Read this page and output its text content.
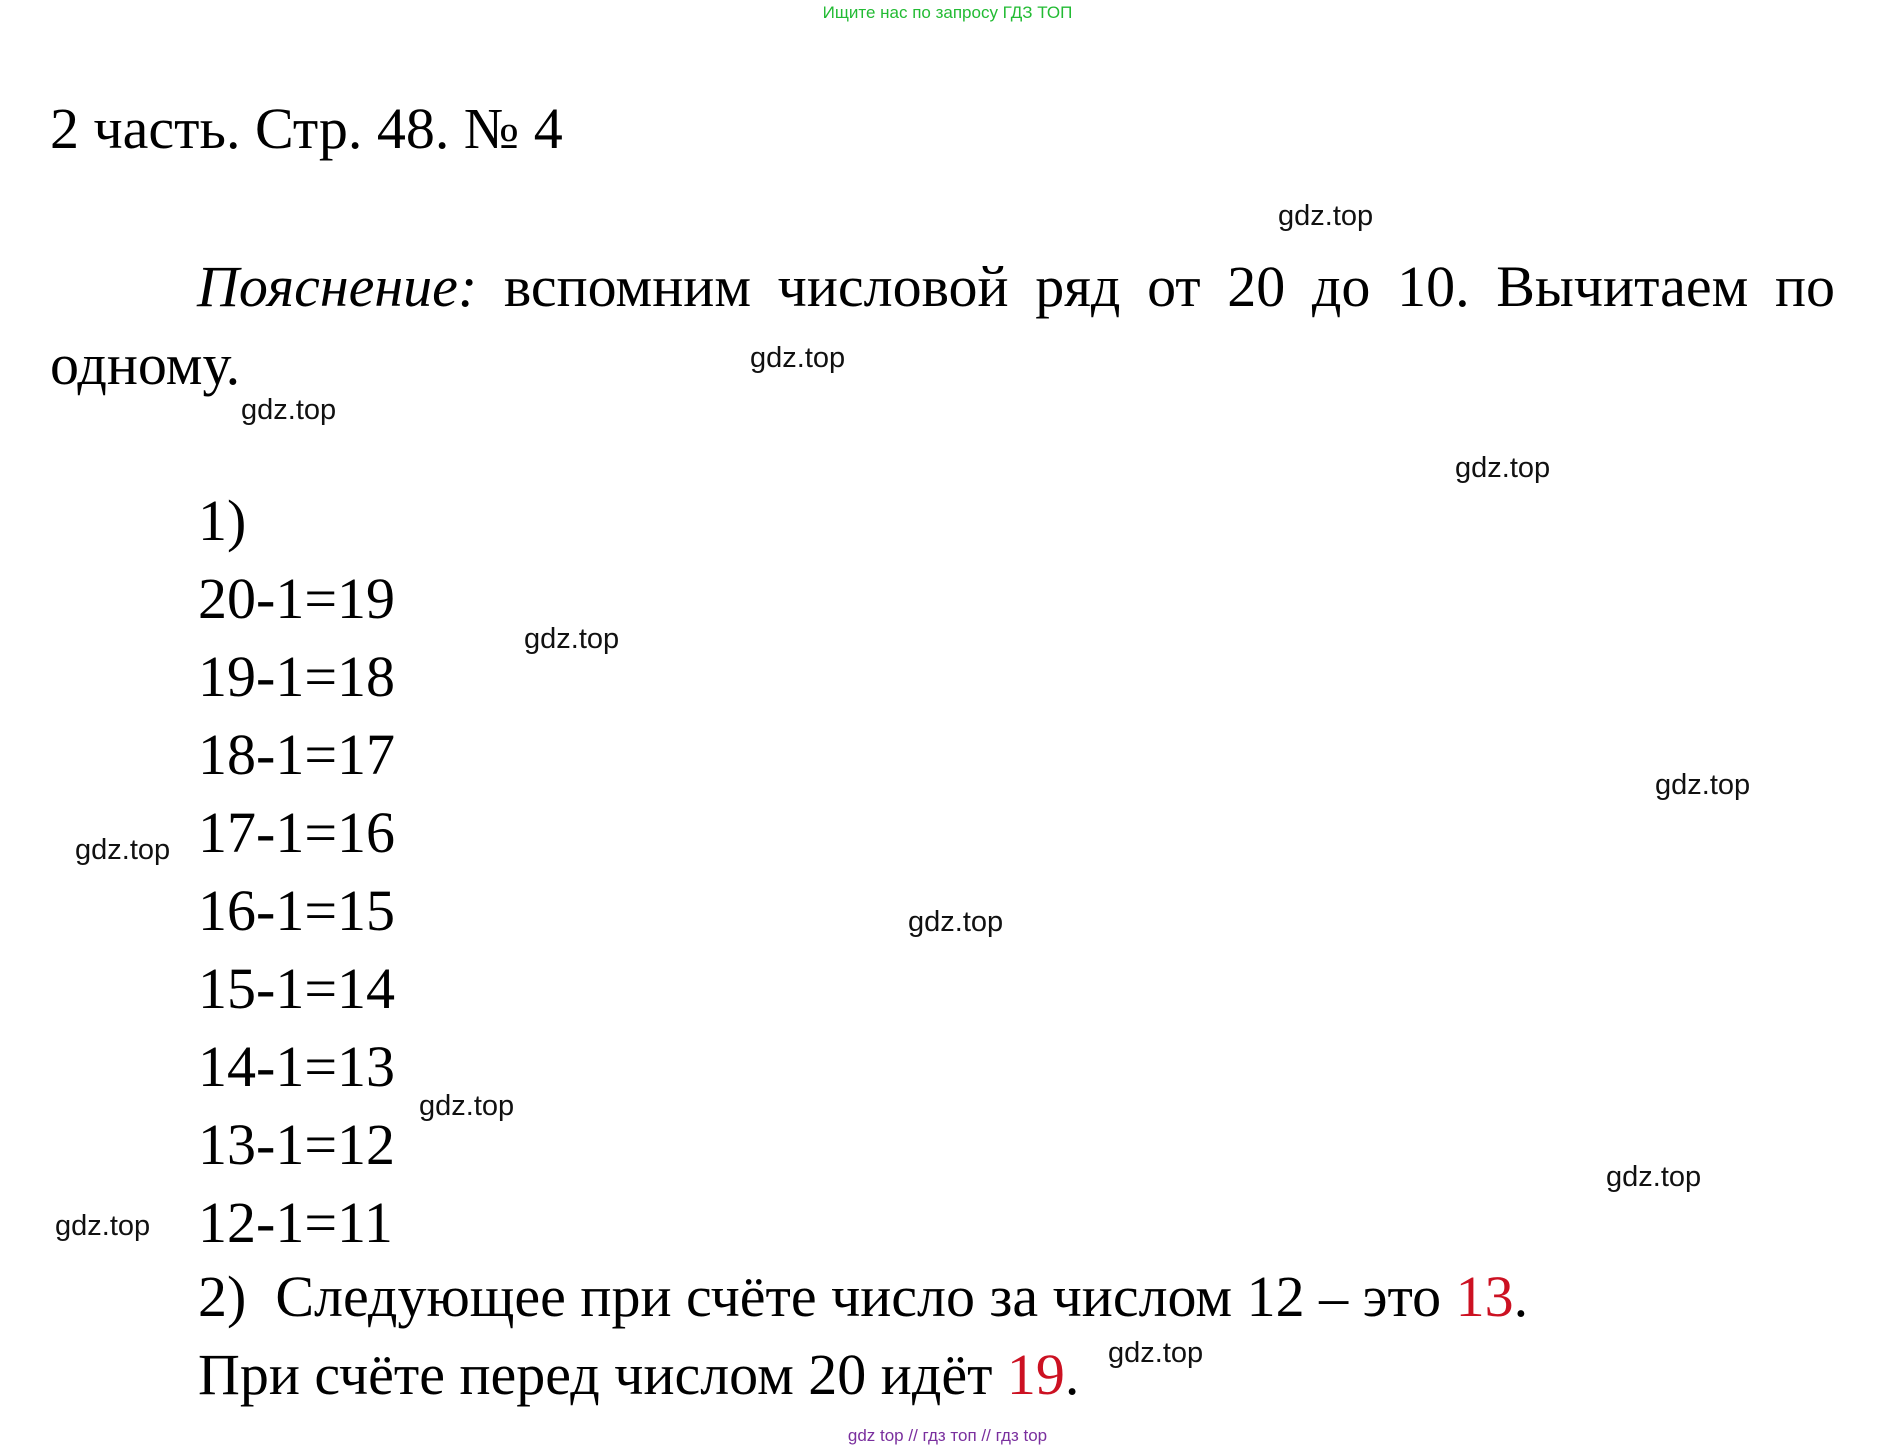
Ищите нас по запросу ГДЗ ТОП
2 часть. Стр. 48. № 4

Пояснение: вспомним числовой ряд от 20 до 10. Вычитаем по одному.

1)
20-1=19
19-1=18
18-1=17
17-1=16
16-1=15
15-1=14
14-1=13
13-1=12
12-1=11
2) Следующее при счёте число за числом 12 – это 13.
При счёте перед числом 20 идёт 19.
gdz.top
gdz.top
gdz.top
gdz.top
gdz.top
gdz.top
gdz.top
gdz.top
gdz.top
gdz.top
gdz.top
gdz.top
gdz top // гдз топ // гдз top
